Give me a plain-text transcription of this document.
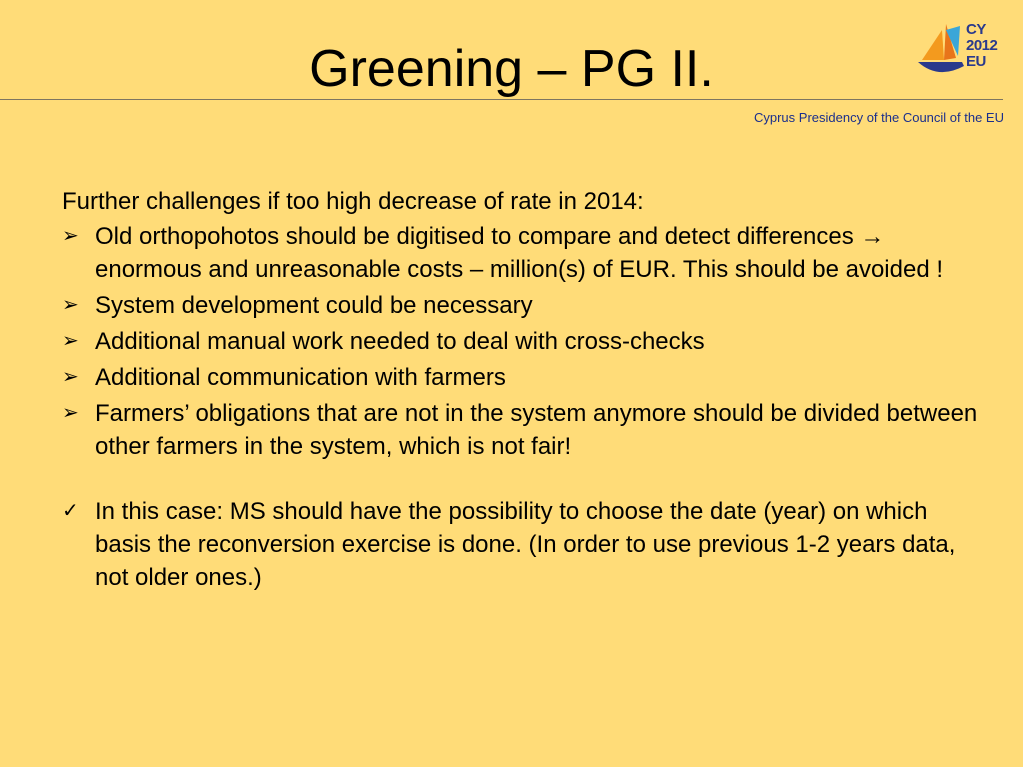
Greening – PG II.
CY
2012
EU
Cyprus Presidency of the Council of the EU
Further challenges if too high decrease of rate in 2014:
➢ Old orthopohotos should be digitised to compare and detect differences → enormous and unreasonable costs – million(s) of EUR. This should be avoided !
➢ System development could be necessary
➢ Additional manual work needed to deal with cross-checks
➢ Additional communication with farmers
➢ Farmers’ obligations that are not in the system anymore should be divided between other farmers in the system, which is not fair!
✓ In this case: MS should have the possibility to choose the date (year) on which basis the reconversion exercise is done. (In order to use previous 1-2 years data, not older ones.)
